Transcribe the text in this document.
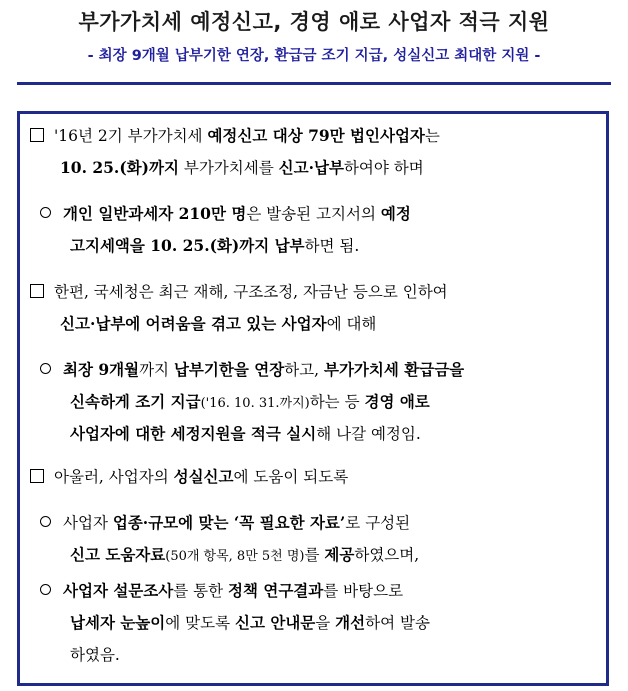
부가가치세 예정신고, 경영 애로 사업자 적극 지원
- 최장 9개월 납부기한 연장, 환급금 조기 지급, 성실신고 최대한 지원 -
'16년 2기 부가가치세 예정신고 대상 79만 법인사업자는
10. 25.(화)까지 부가가치세를 신고·납부하여야 하며
개인 일반과세자 210만 명은 발송된 고지서의 예정
고지세액을 10. 25.(화)까지 납부하면 됨.
한편, 국세청은 최근 재해, 구조조정, 자금난 등으로 인하여
신고·납부에 어려움을 겪고 있는 사업자에 대해
최장 9개월까지 납부기한을 연장하고, 부가가치세 환급금을
신속하게 조기 지급('16. 10. 31.까지)하는 등 경영 애로
사업자에 대한 세정지원을 적극 실시해 나갈 예정임.
아울러, 사업자의 성실신고에 도움이 되도록
사업자 업종·규모에 맞는 ‘꼭 필요한 자료’로 구성된
신고 도움자료(50개 항목, 8만 5천 명)를 제공하였으며,
사업자 설문조사를 통한 정책 연구결과를 바탕으로
납세자 눈높이에 맞도록 신고 안내문을 개선하여 발송
하였음.
